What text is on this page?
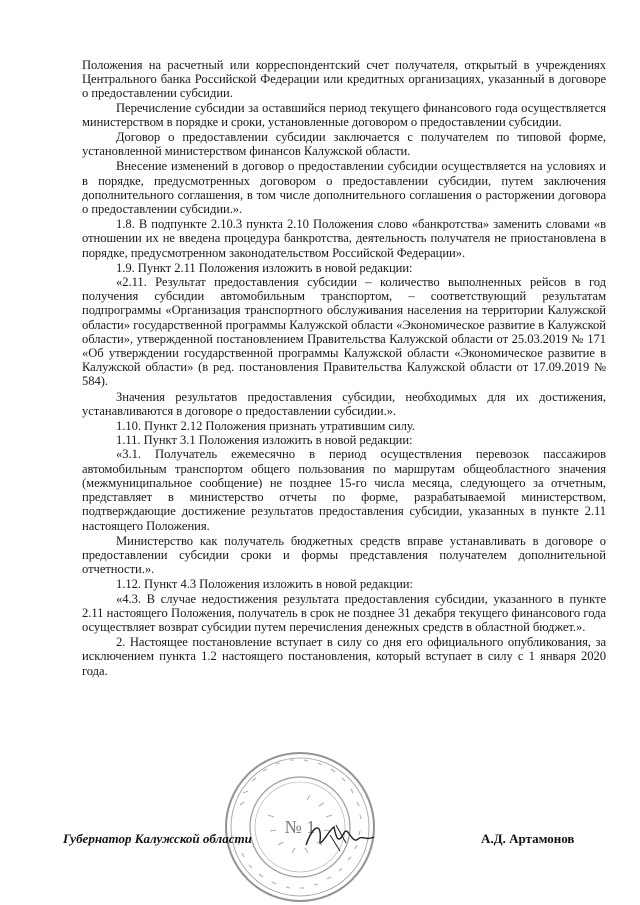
Положения на расчетный или корреспондентский счет получателя, открытый в учреждениях Центрального банка Российской Федерации или кредитных организациях, указанный в договоре о предоставлении субсидии.

Перечисление субсидии за оставшийся период текущего финансового года осуществляется министерством в порядке и сроки, установленные договором о предоставлении субсидии.

Договор о предоставлении субсидии заключается с получателем по типовой форме, установленной министерством финансов Калужской области.

Внесение изменений в договор о предоставлении субсидии осуществляется на условиях и в порядке, предусмотренных договором о предоставлении субсидии, путем заключения дополнительного соглашения, в том числе дополнительного соглашения о расторжении договора о предоставлении субсидии.».

1.8. В подпункте 2.10.3 пункта 2.10 Положения слово «банкротства» заменить словами «в отношении их не введена процедура банкротства, деятельность получателя не приостановлена в порядке, предусмотренном законодательством Российской Федерации».

1.9. Пункт 2.11 Положения изложить в новой редакции:

«2.11. Результат предоставления субсидии – количество выполненных рейсов в год получения субсидии автомобильным транспортом, – соответствующий результатам подпрограммы «Организация транспортного обслуживания населения на территории Калужской области» государственной программы Калужской области «Экономическое развитие в Калужской области», утвержденной постановлением Правительства Калужской области от 25.03.2019 № 171 «Об утверждении государственной программы Калужской области «Экономическое развитие в Калужской области» (в ред. постановления Правительства Калужской области от 17.09.2019 № 584).

Значения результатов предоставления субсидии, необходимых для их достижения, устанавливаются в договоре о предоставлении субсидии.».

1.10. Пункт 2.12 Положения признать утратившим силу.

1.11. Пункт 3.1 Положения изложить в новой редакции:

«3.1. Получатель ежемесячно в период осуществления перевозок пассажиров автомобильным транспортом общего пользования по маршрутам общеобластного значения (межмуниципальное сообщение) не позднее 15-го числа месяца, следующего за отчетным, представляет в министерство отчеты по форме, разрабатываемой министерством, подтверждающие достижение результатов предоставления субсидии, указанных в пункте 2.11 настоящего Положения.

Министерство как получатель бюджетных средств вправе устанавливать в договоре о предоставлении субсидии сроки и формы представления получателем дополнительной отчетности.».

1.12. Пункт 4.3 Положения изложить в новой редакции:

«4.3. В случае недостижения результата предоставления субсидии, указанного в пункте 2.11 настоящего Положения, получатель в срок не позднее 31 декабря текущего финансового года осуществляет возврат субсидии путем перечисления денежных средств в областной бюджет.».

2. Настоящее постановление вступает в силу со дня его официального опубликования, за исключением пункта 1.2 настоящего постановления, который вступает в силу с 1 января 2020 года.

№ 1
Губернатор Калужской области	А.Д. Артамонов
